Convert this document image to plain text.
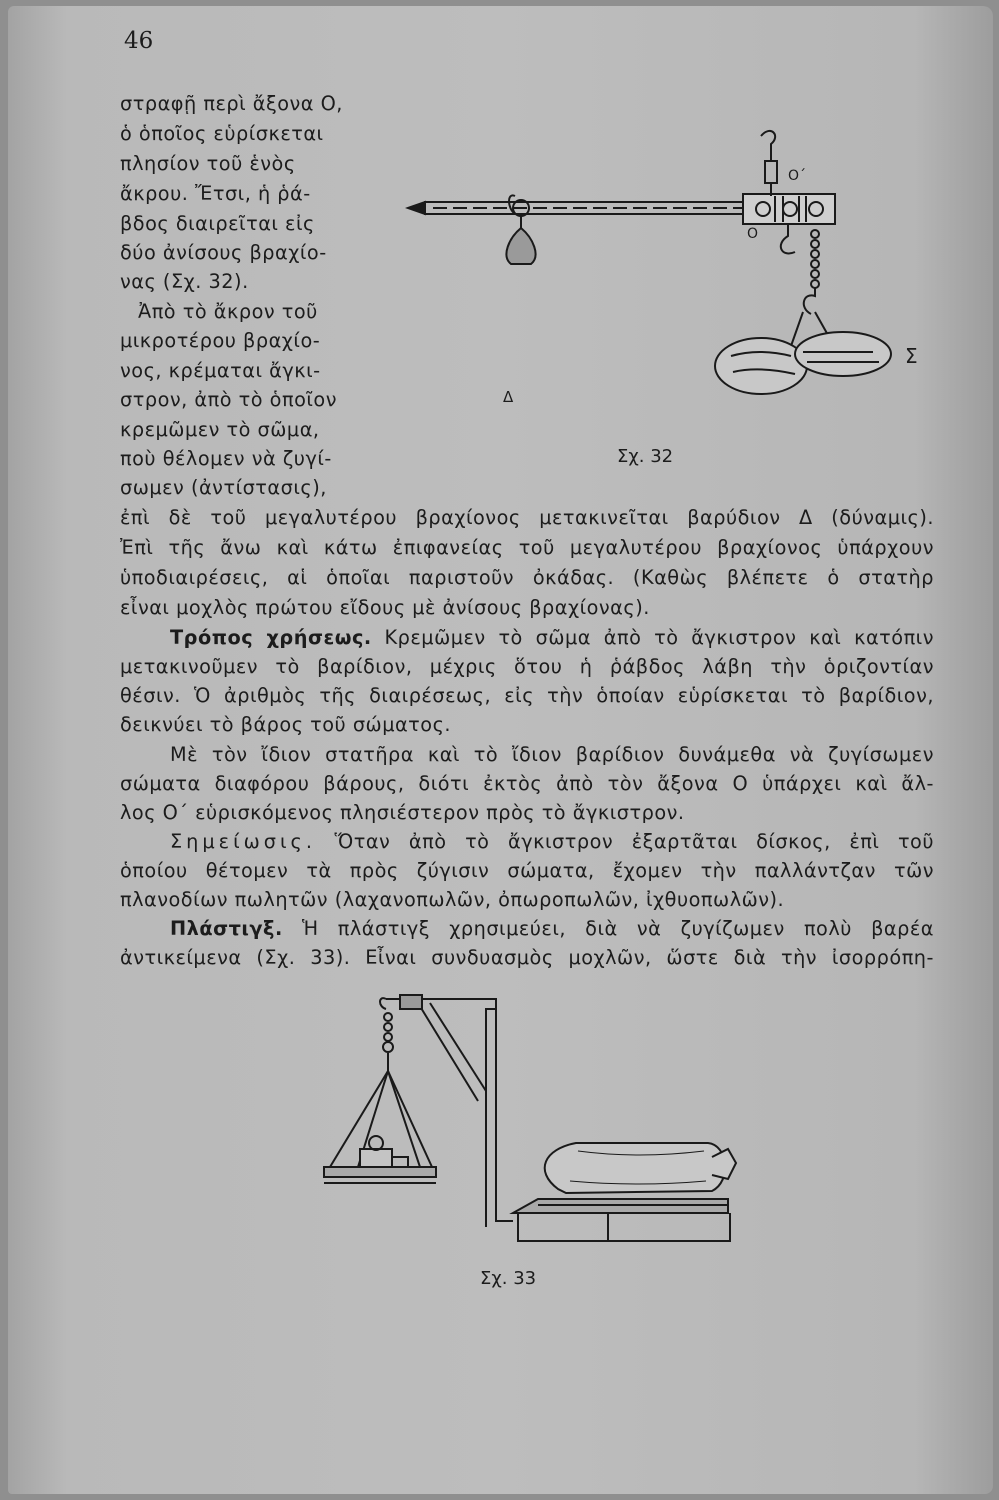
46
στραφῇ περὶ ἄξονα Ο,
ὁ ὁποῖος εὑρίσκεται
πλησίον τοῦ ἑνὸς
ἄκρου. Ἔτσι, ἡ ῥά-
βδος διαιρεῖται εἰς
δύο ἀνίσους βραχίο-
νας (Σχ. 32).
Ἀπὸ τὸ ἄκρον τοῦ
μικροτέρου βραχίο-
νος, κρέμαται ἄγκι-
στρον, ἀπὸ τὸ ὁποῖον
κρεμῶμεν τὸ σῶμα,
ποὺ θέλομεν νὰ ζυγί-
σωμεν (ἀντίστασις),
Δ
Σ
Ο
Ο΄
Σχ. 32
ἐπὶ δὲ τοῦ μεγαλυτέρου βραχίονος μετακινεῖται βαρύδιον Δ (δύναμις).
Ἐπὶ τῆς ἄνω καὶ κάτω ἐπιφανείας τοῦ μεγαλυτέρου βραχίονος ὑπάρχουν
ὑποδιαιρέσεις, αἱ ὁποῖαι παριστοῦν ὀκάδας. (Καθὼς βλέπετε ὁ στατὴρ
εἶναι μοχλὸς πρώτου εἴδους μὲ ἀνίσους βραχίονας).
Τρόπος χρήσεως. Κρεμῶμεν τὸ σῶμα ἀπὸ τὸ ἄγκιστρον καὶ κατόπιν
μετακινοῦμεν τὸ βαρίδιον, μέχρις ὅτου ἡ ῥάβδος λάβη τὴν ὁριζοντίαν
θέσιν. Ὁ ἀριθμὸς τῆς διαιρέσεως, εἰς τὴν ὁποίαν εὑρίσκεται τὸ βαρίδιον,
δεικνύει τὸ βάρος τοῦ σώματος.
Μὲ τὸν ἴδιον στατῆρα καὶ τὸ ἴδιον βαρίδιον δυνάμεθα νὰ ζυγίσωμεν
σώματα διαφόρου βάρους, διότι ἐκτὸς ἀπὸ τὸν ἄξονα Ο ὑπάρχει καὶ ἄλ-
λος Ο΄ εὑρισκόμενος πλησιέστερον πρὸς τὸ ἄγκιστρον.
Σημείωσις. Ὅταν ἀπὸ τὸ ἄγκιστρον ἐξαρτᾶται δίσκος, ἐπὶ τοῦ
ὁποίου θέτομεν τὰ πρὸς ζύγισιν σώματα, ἔχομεν τὴν παλλάντζαν τῶν
πλανοδίων πωλητῶν (λαχανοπωλῶν, ὀπωροπωλῶν, ἰχθυοπωλῶν).
Πλάστιγξ. Ἡ πλάστιγξ χρησιμεύει, διὰ νὰ ζυγίζωμεν πολὺ βαρέα
ἀντικείμενα (Σχ. 33). Εἶναι συνδυασμὸς μοχλῶν, ὥστε διὰ τὴν ἰσορρόπη-
Σχ. 33
